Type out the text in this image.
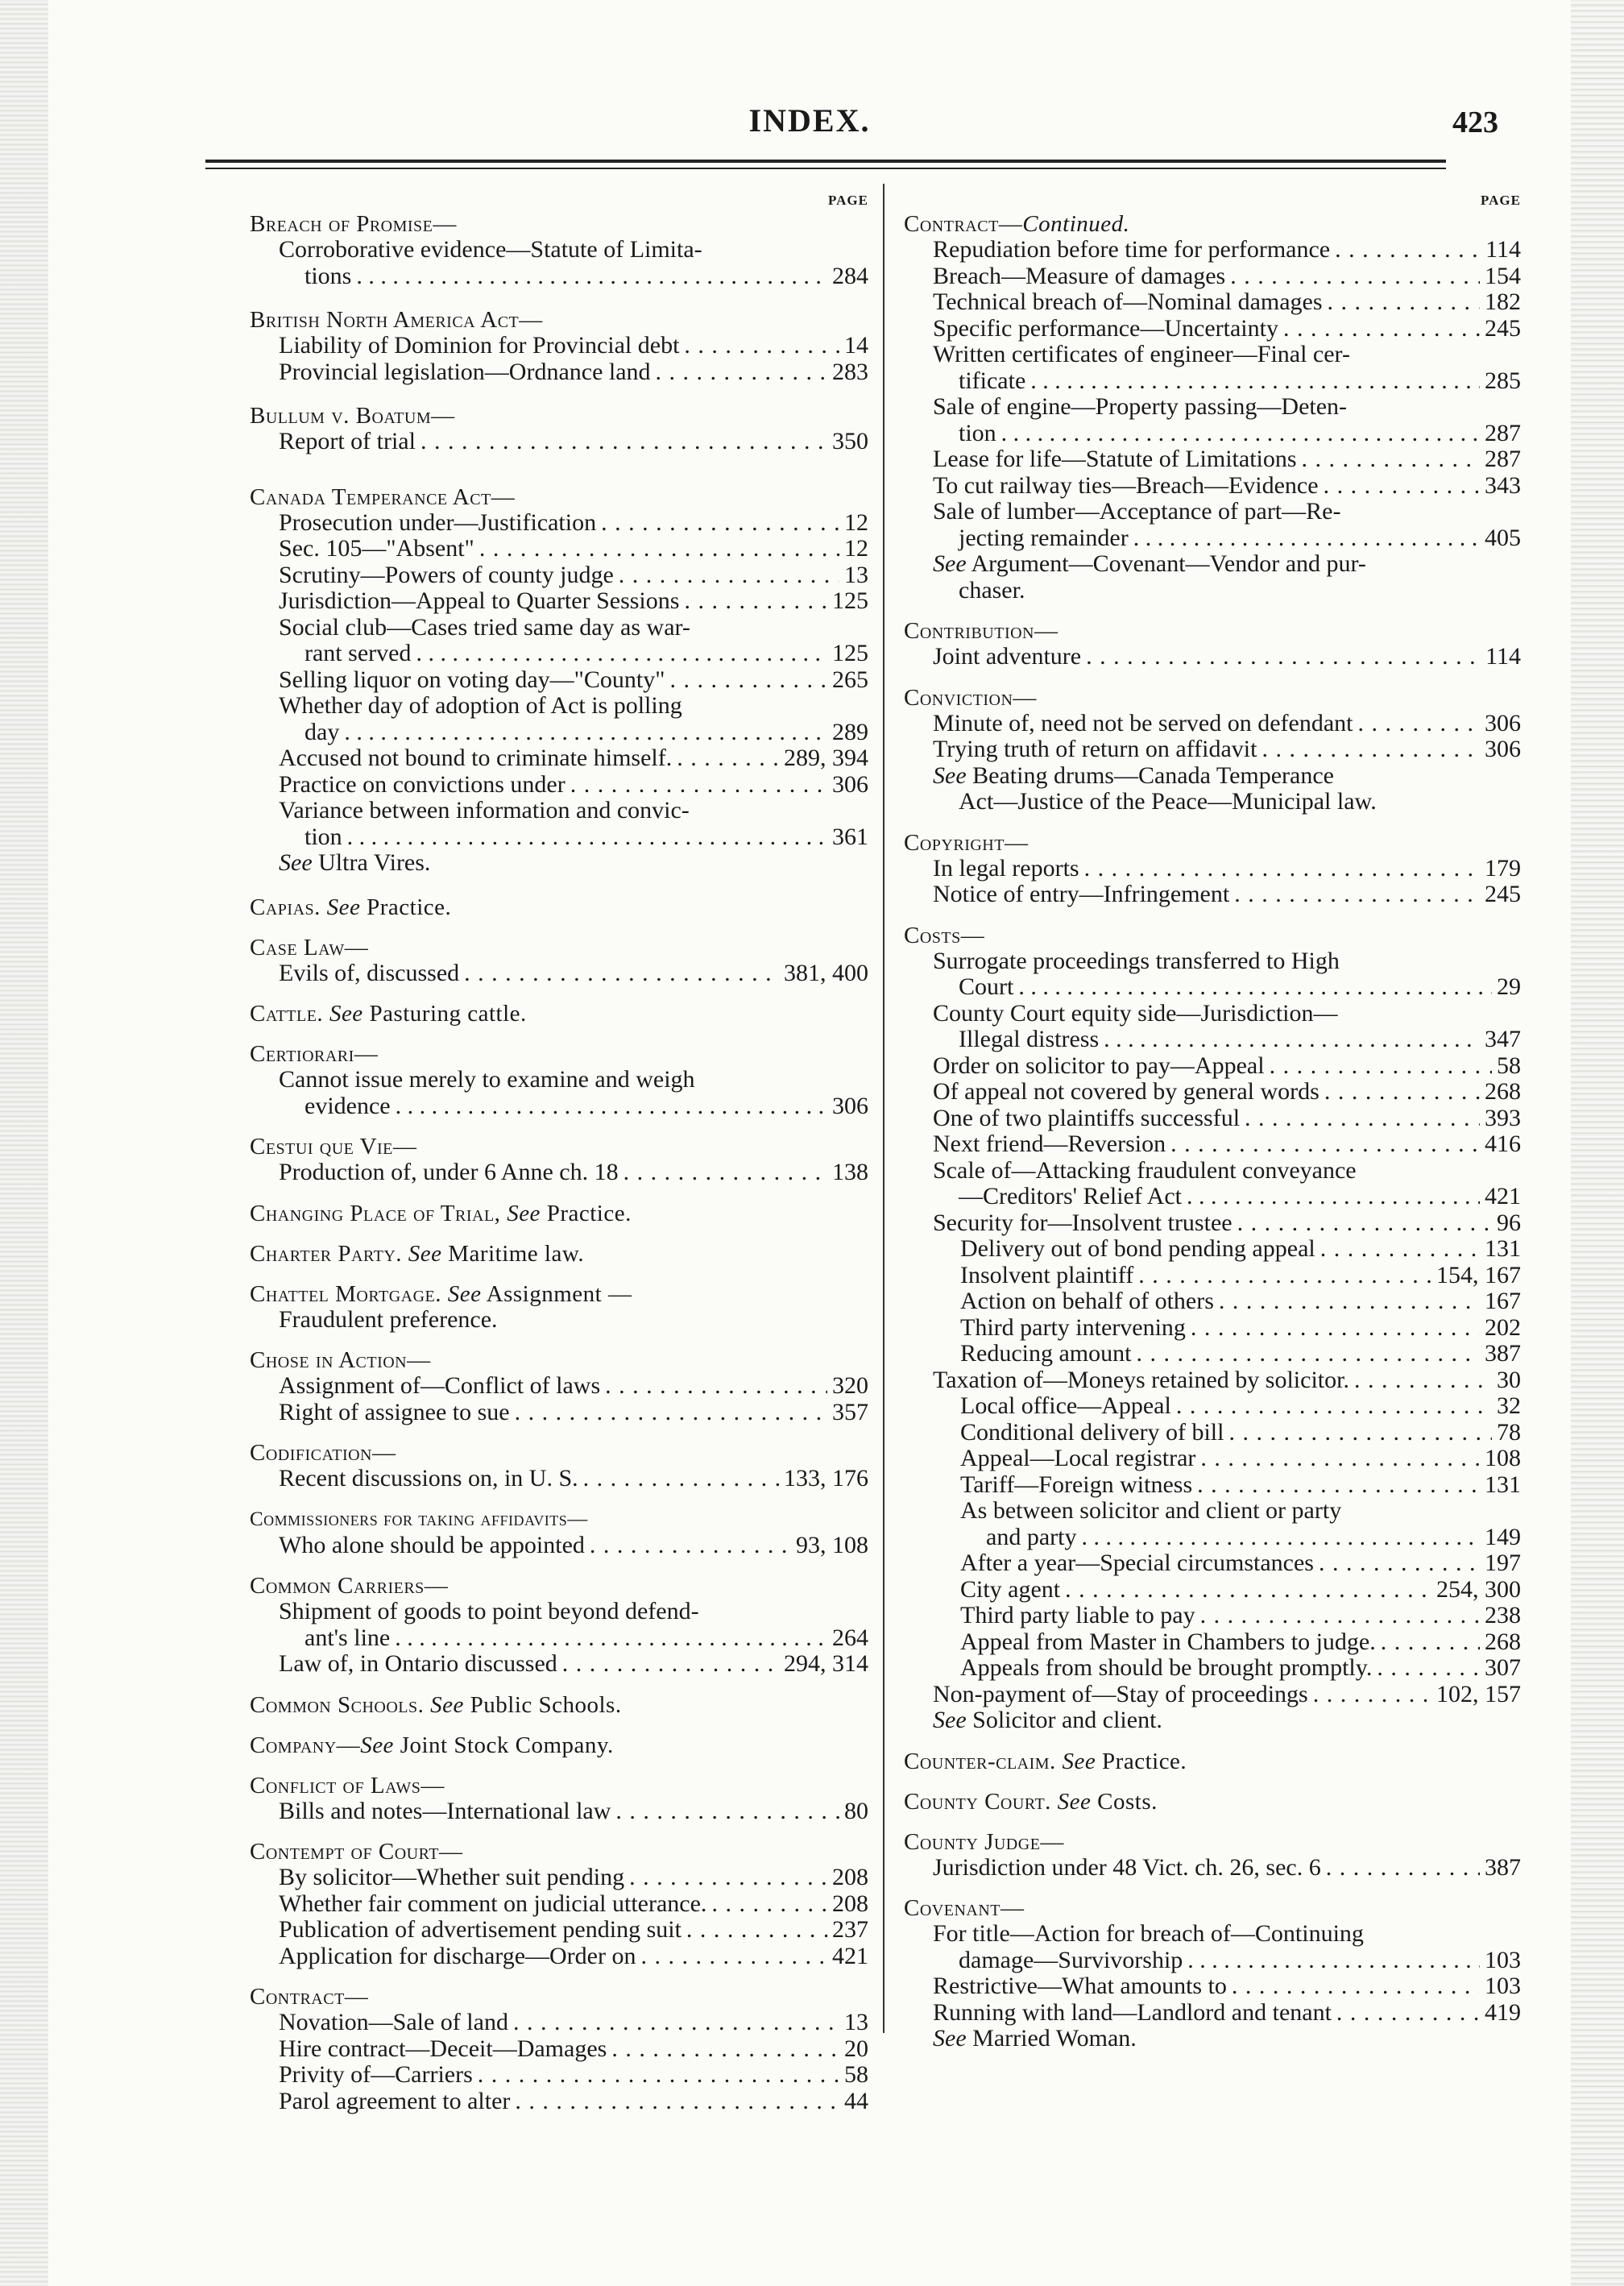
INDEX.	423
PAGE
Breach of Promise—
Corroborative evidence—Statute of Limita-
tions . . .	284
British North America Act—
Liability of Dominion for Provincial debt . . .	14
Provincial legislation—Ordnance land . . .	283
Bullum v. Boatum—
Report of trial . . .	350
Canada Temperance Act—
Prosecution under—Justification . . .	12
Sec. 105—"Absent" . . .	12
Scrutiny—Powers of county judge . . .	13
Jurisdiction—Appeal to Quarter Sessions . . .	125
Social club—Cases tried same day as war-
rant served . . .	125
Selling liquor on voting day—"County" . . .	265
Whether day of adoption of Act is polling
day . . .	289
Accused not bound to criminate himself. . . .	289, 394
Practice on convictions under . . .	306
Variance between information and convic-
tion . . .	361
See Ultra Vires.
Capias. See Practice.
Case Law—
Evils of, discussed . . .	381, 400
Cattle. See Pasturing cattle.
Certiorari—
Cannot issue merely to examine and weigh
evidence . . .	306
Cestui que Vie—
Production of, under 6 Anne ch. 18 . . .	138
Changing Place of Trial, See Practice.
Charter Party. See Maritime law.
Chattel Mortgage. See Assignment —
Fraudulent preference.
Chose in Action—
Assignment of—Conflict of laws . . .	320
Right of assignee to sue . . .	357
Codification—
Recent discussions on, in U. S. . . .	133, 176
Commissioners for taking affidavits—
Who alone should be appointed . . .	93, 108
Common Carriers—
Shipment of goods to point beyond defend-
ant's line . . .	264
Law of, in Ontario discussed . . .	294, 314
Common Schools. See Public Schools.
Company—See Joint Stock Company.
Conflict of Laws—
Bills and notes—International law . . .	80
Contempt of Court—
By solicitor—Whether suit pending . . .	208
Whether fair comment on judicial utterance. . . .	208
Publication of advertisement pending suit . . .	237
Application for discharge—Order on . . .	421
Contract—
Novation—Sale of land . . .	13
Hire contract—Deceit—Damages . . .	20
Privity of—Carriers . . .	58
Parol agreement to alter . . .	44
PAGE
Contract—Continued.
Repudiation before time for performance . . .	114
Breach—Measure of damages . . .	154
Technical breach of—Nominal damages . . .	182
Specific performance—Uncertainty . . .	245
Written certificates of engineer—Final cer-
tificate . . .	285
Sale of engine—Property passing—Deten-
tion . . .	287
Lease for life—Statute of Limitations . . .	287
To cut railway ties—Breach—Evidence . . .	343
Sale of lumber—Acceptance of part—Re-
jecting remainder . . .	405
See Argument—Covenant—Vendor and pur-
chaser.
Contribution—
Joint adventure . . .	114
Conviction—
Minute of, need not be served on defendant . . .	306
Trying truth of return on affidavit . . .	306
See Beating drums—Canada Temperance
Act—Justice of the Peace—Municipal law.
Copyright—
In legal reports . . .	179
Notice of entry—Infringement . . .	245
Costs—
Surrogate proceedings transferred to High
Court . . .	29
County Court equity side—Jurisdiction—
Illegal distress . . .	347
Order on solicitor to pay—Appeal . . .	58
Of appeal not covered by general words . . .	268
One of two plaintiffs successful . . .	393
Next friend—Reversion . . .	416
Scale of—Attacking fraudulent conveyance
—Creditors' Relief Act . . .	421
Security for—Insolvent trustee . . .	96
Delivery out of bond pending appeal . . .	131
Insolvent plaintiff . . .	154, 167
Action on behalf of others . . .	167
Third party intervening . . .	202
Reducing amount . . .	387
Taxation of—Moneys retained by solicitor. . . .	30
Local office—Appeal . . .	32
Conditional delivery of bill . . .	78
Appeal—Local registrar . . .	108
Tariff—Foreign witness . . .	131
As between solicitor and client or party
and party . . .	149
After a year—Special circumstances . . .	197
City agent . . .	254, 300
Third party liable to pay . . .	238
Appeal from Master in Chambers to judge. . . .	268
Appeals from should be brought promptly. . . .	307
Non-payment of—Stay of proceedings . . .	102, 157
See Solicitor and client.
Counter-claim. See Practice.
County Court. See Costs.
County Judge—
Jurisdiction under 48 Vict. ch. 26, sec. 6 . . .	387
Covenant—
For title—Action for breach of—Continuing
damage—Survivorship . . .	103
Restrictive—What amounts to . . .	103
Running with land—Landlord and tenant . . .	419
See Married Woman.
